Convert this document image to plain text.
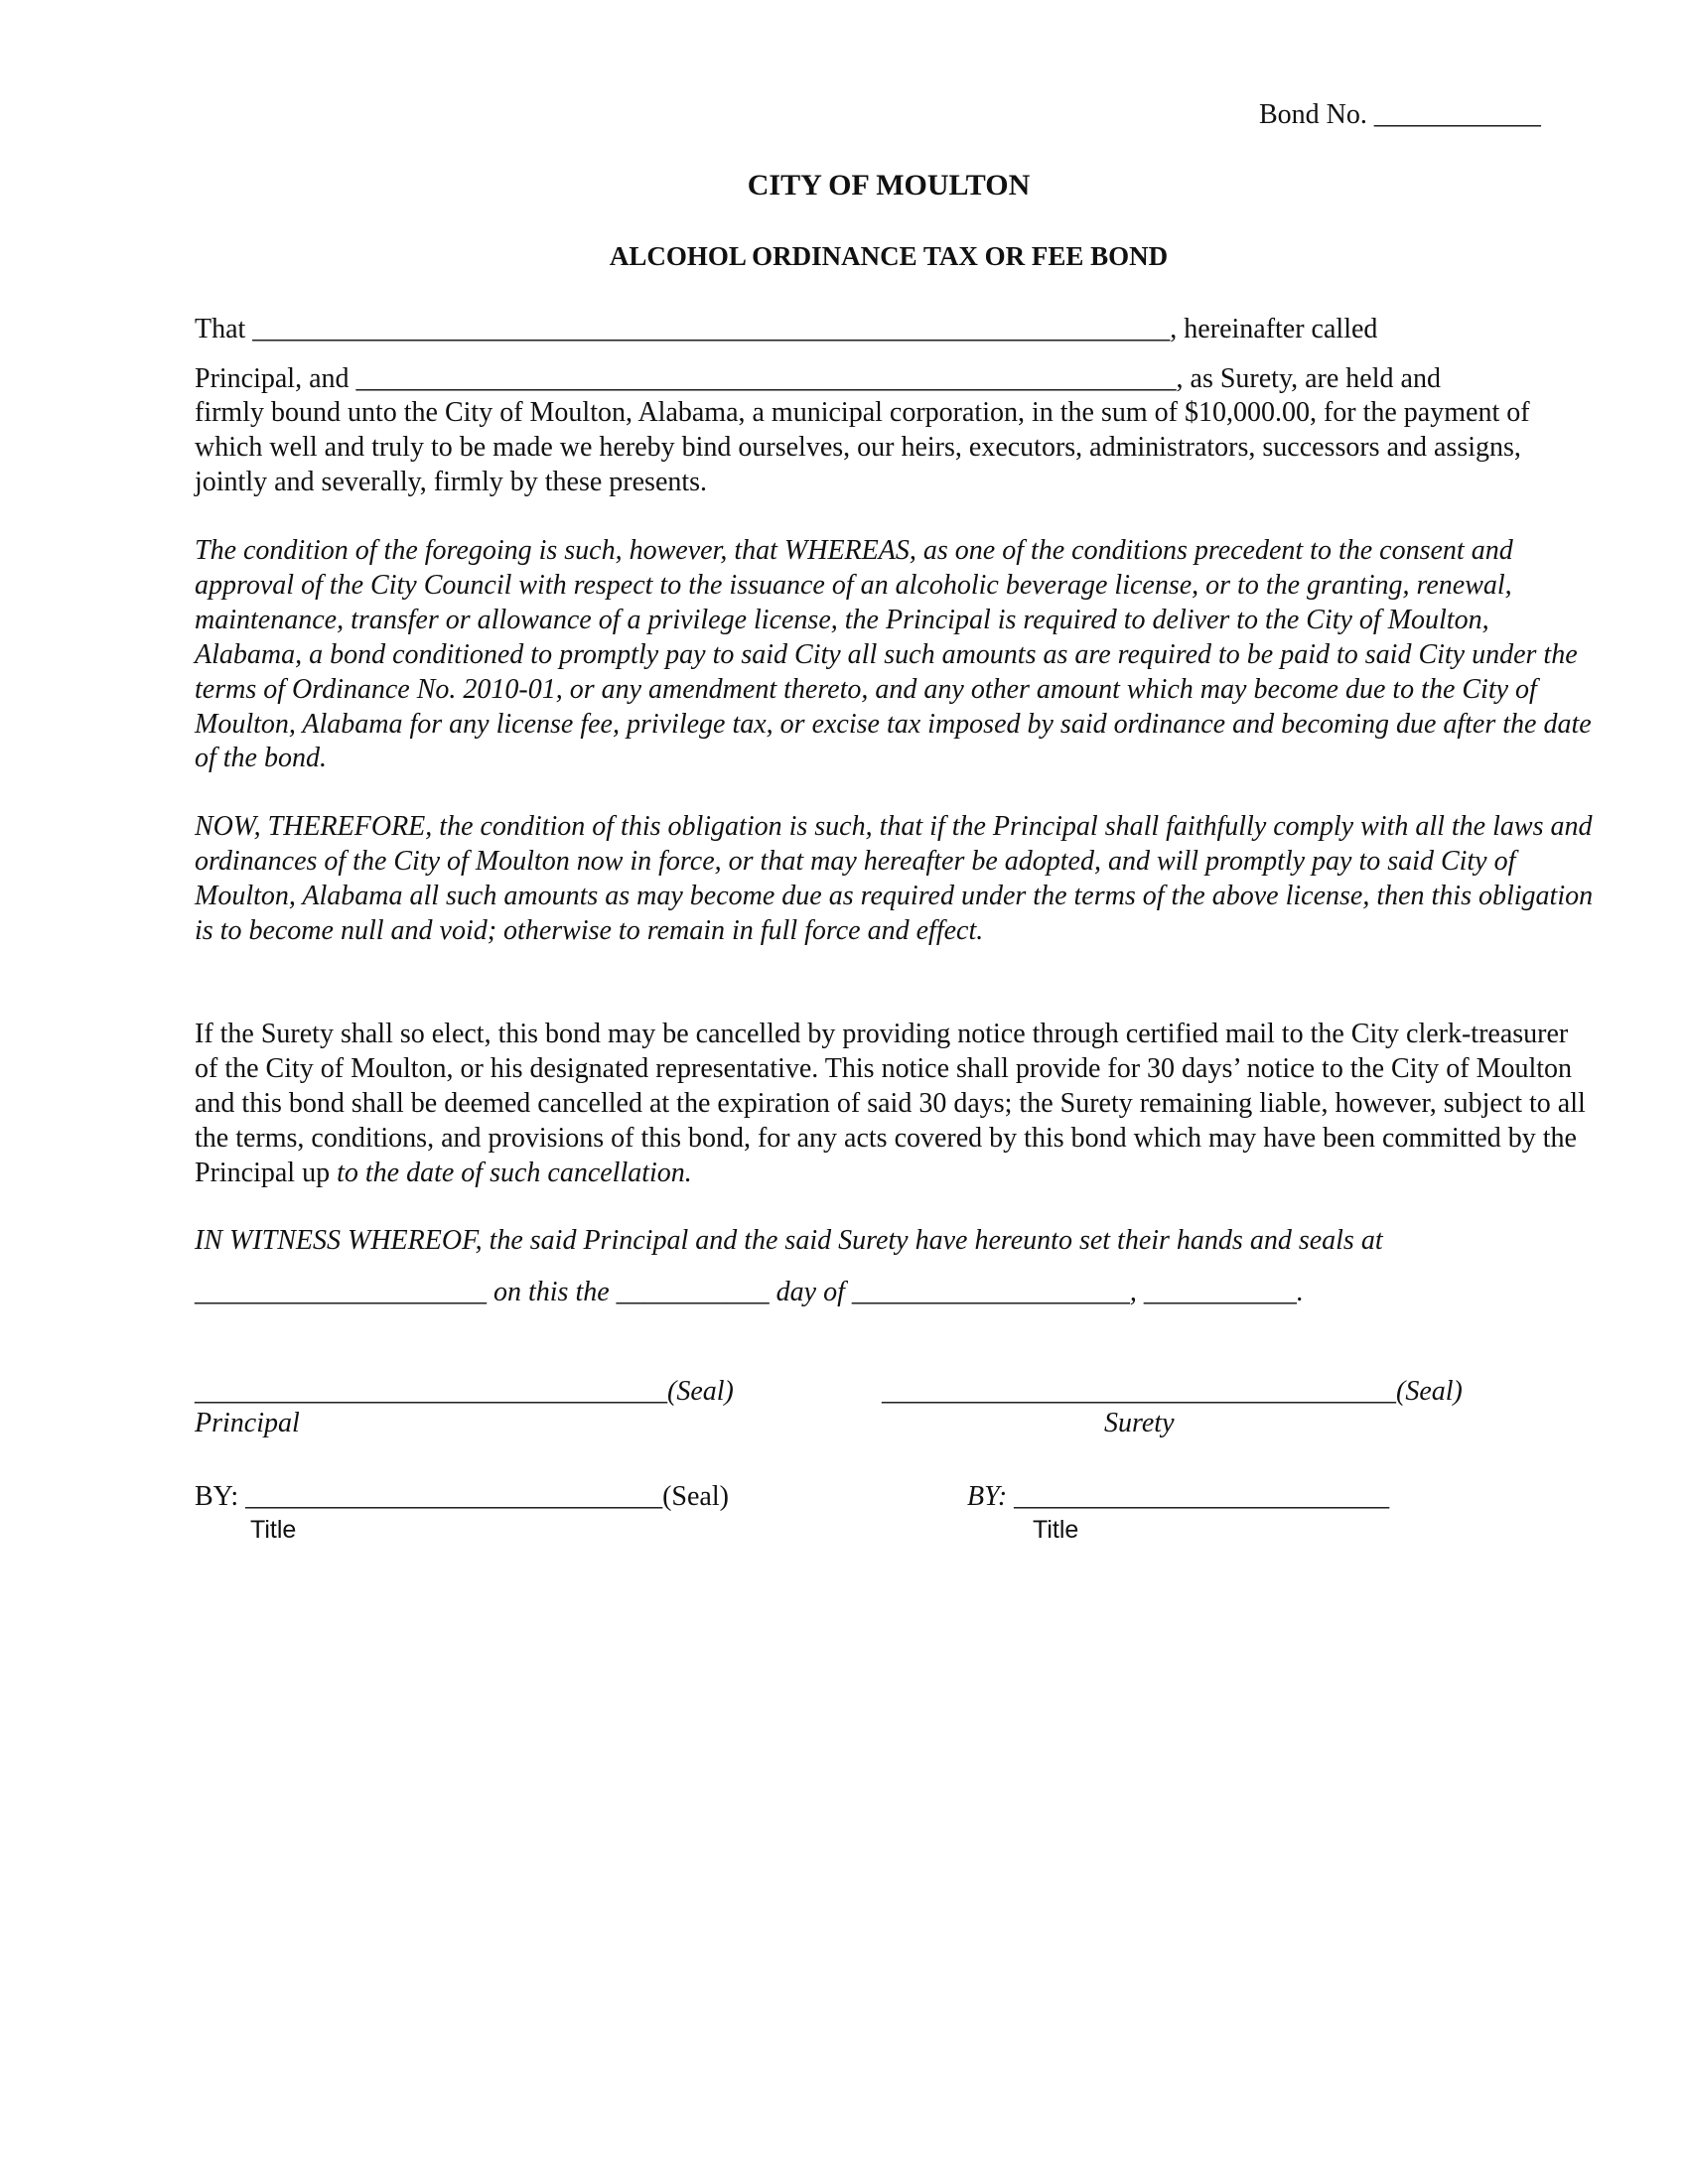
Bond No. ____________
CITY OF MOULTON
ALCOHOL ORDINANCE TAX OR FEE BOND
That __________________________________________________________________, hereinafter called
Principal, and ___________________________________________________________, as Surety, are held and

firmly bound unto the City of Moulton, Alabama, a municipal corporation, in the sum of $10,000.00, for the payment of which well and truly to be made we hereby bind ourselves, our heirs, executors, administrators, successors and assigns, jointly and severally, firmly by these presents.

The condition of the foregoing is such, however, that WHEREAS, as one of the conditions precedent to the consent and approval of the City Council with respect to the issuance of an alcoholic beverage license, or to the granting, renewal, maintenance, transfer or allowance of a privilege license, the Principal is required to deliver to the City of Moulton, Alabama, a bond conditioned to promptly pay to said City all such amounts as are required to be paid to said City under the terms of Ordinance No. 2010-01, or any amendment thereto, and any other amount which may become due to the City of Moulton, Alabama for any license fee, privilege tax, or excise tax imposed by said ordinance and becoming due after the date of the bond.

NOW, THEREFORE, the condition of this obligation is such, that if the Principal shall faithfully comply with all the laws and ordinances of the City of Moulton now in force, or that may hereafter be adopted, and will promptly pay to said City of Moulton, Alabama all such amounts as may become due as required under the terms of the above license, then this obligation is to become null and void; otherwise to remain in full force and effect.

If the Surety shall so elect, this bond may be cancelled by providing notice through certified mail to the City clerk-treasurer of the City of Moulton, or his designated representative. This notice shall provide for 30 days’ notice to the City of Moulton and this bond shall be deemed cancelled at the expiration of said 30 days; the Surety remaining liable, however, subject to all the terms, conditions, and provisions of this bond, for any acts covered by this bond which may have been committed by the Principal up to the date of such cancellation.

IN WITNESS WHEREOF, the said Principal and the said Surety have hereunto set their hands and seals at
_____________________ on this the ___________ day of ____________________, ___________.
__________________________________(Seal)
Principal
_____________________________________(Seal)
Surety
BY: ______________________________(Seal)
Title
BY: ___________________________
Title
